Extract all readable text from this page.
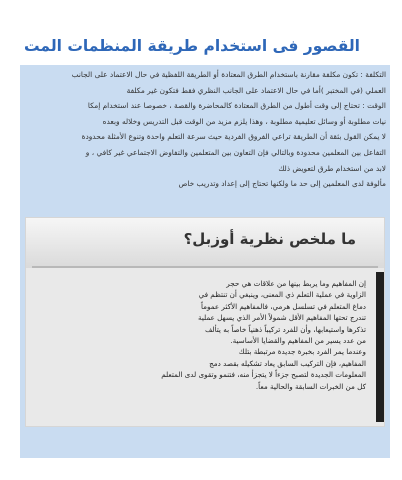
القصور فى استخدام طريقة المنظمات المت

التكلفة : تكون مكلفة مقارنة باستخدام الطرق المعتادة أو الطريقة اللفظية في حال الاعتماد على الجانب

العملي (في المختبر )أما في حال الاعتماد على الجانب النظري فقط فتكون غير مكلفة

الوقت : تحتاج إلى وقت أطول من الطرق المعتادة كالمحاضرة والقصة ، خصوصا عند استخدام إمكا

نيات مطلوبة أو وسائل تعليمية مطلوبة ، وهذا يلزم مزيد من الوقت قبل التدريس وخلاله وبعده

لا يمكن القول بثقة أن الطريقة تراعي الفروق الفردية حيث سرعة التعلم واحدة وتنوع الأمثلة محدودة

التفاعل بين المعلمين محدودة وبالتالي فإن التعاون بين المتعلمين والتفاوض الاجتماعي غير كافي ، و

لابد من استخدام طرق لتعويض ذلك

مألوفة لدى المعلمين إلى حد ما ولكنها تحتاج إلى إعداد وتدريب خاص

ما ملخص نظرية أوزبل؟

إن المفاهيم وما يربط بينها من علاقات هي حجر

الزاوية في عملية التعلم ذي المعنى، وينبغي أن تنتظم في

دماغ المتعلم في تسلسل هرمي، فالمفاهيم الأكثر عموماً

تندرج تحتها المفاهيم الأقل شمولاً الأمر الذي يسهل عملية

تذكرها واستيعابها، وأن للفرد تركيباً ذهنياً خاصاً به يتألف

من عدد يسير من المفاهيم والقضايا الأساسية.

وعندما يمر الفرد بخبرة جديدة مرتبطة بتلك

المفاهيم، فإن التركيب السابق يعاد تشكيله بقصد دمج

المعلومات الجديدة لتصبح جزءاً لا يتجزأ منه، فتنمو وتقوى لدى المتعلم

كل من الخبرات السابقة والحالية معاً.
